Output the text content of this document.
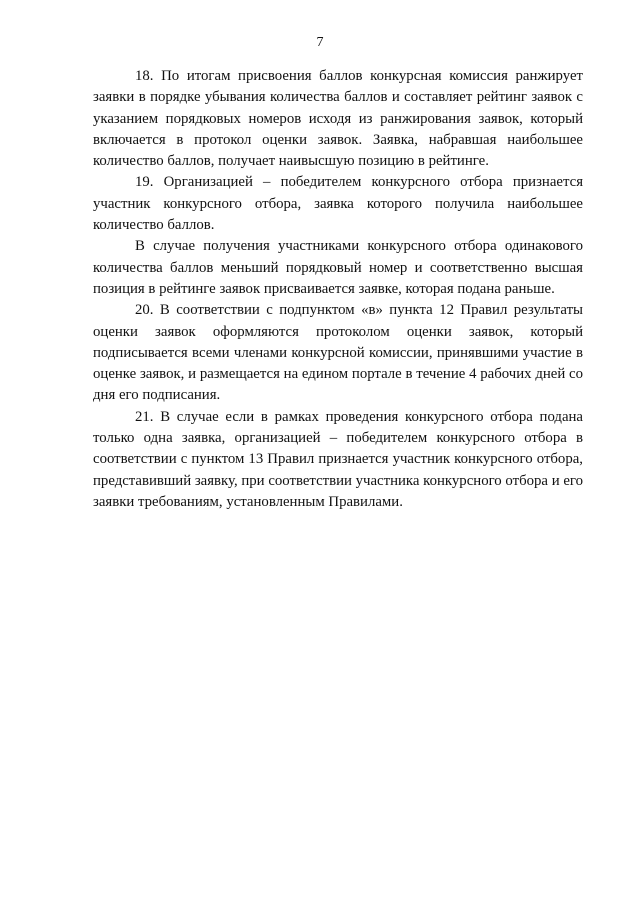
7

18. По итогам присвоения баллов конкурсная комиссия ранжирует заявки в порядке убывания количества баллов и составляет рейтинг заявок с указанием порядковых номеров исходя из ранжирования заявок, который включается в протокол оценки заявок. Заявка, набравшая наибольшее количество баллов, получает наивысшую позицию в рейтинге.

19. Организацией – победителем конкурсного отбора признается участник конкурсного отбора, заявка которого получила наибольшее количество баллов.

В случае получения участниками конкурсного отбора одинакового количества баллов меньший порядковый номер и соответственно высшая позиция в рейтинге заявок присваивается заявке, которая подана раньше.

20. В соответствии с подпунктом «в» пункта 12 Правил результаты оценки заявок оформляются протоколом оценки заявок, который подписывается всеми членами конкурсной комиссии, принявшими участие в оценке заявок, и размещается на едином портале в течение 4 рабочих дней со дня его подписания.

21. В случае если в рамках проведения конкурсного отбора подана только одна заявка, организацией – победителем конкурсного отбора в соответствии с пунктом 13 Правил признается участник конкурсного отбора, представивший заявку, при соответствии участника конкурсного отбора и его заявки требованиям, установленным Правилами.
